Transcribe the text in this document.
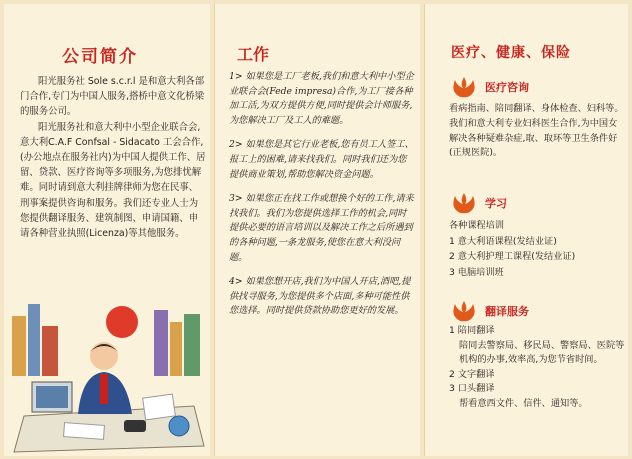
公司简介

阳光服务社 Sole s.c.r.l 是和意大利各部门合作,专门为中国人服务,搭桥中意文化桥梁的服务公司。

阳光服务社和意大利中小型企业联合会,意大利C.A.F Confsal - Sidacato 工会合作,(办公地点在服务社内)为中国人提供工作、居留、贷款、医疗咨询等多项服务,为您排忧解难。同时请到意大利挂牌律师为您在民事、刑事案提供咨询和服务。我们还专业人士为您提供翻译服务、建筑制图、申请国籍、申请各种营业执照(Licenza)等其他服务。

工作

1> 如果您是工厂老板,我们和意大利中小型企业联合会(Fede impresa)合作,为工厂接各种加工活,为双方提供方便,同时提供会计师服务,为您解决工厂及工人的难题。

2> 如果您是其它行业老板,您有员工人签工、报工上的困难,请来找我们。同时我们还为您提供商业策划,帮助您解决资金问题。

3> 如果您正在找工作或想换个好的工作,请来找我们。我们为您提供选择工作的机会,同时提供必要的语言培训以及解决工作之后所遇到的各种问题,一条龙服务,使您在意大利没问题。

4> 如果您想开店,我们为中国人开店,酒吧,提供找寻服务,为您提供多个店面,多种可能性供您选择。同时提供贷款协助您更好的发展。

医疗、健康、保险
医疗咨询
看病指南、陪同翻译、身体检查、妇科等。我们和意大利专业妇科医生合作,为中国女解决各种疑难杂症,取、取环等卫生条件好(正规医院)。
学习
各种课程培训
1 意大利语课程(发结业证)
2 意大利护理工课程(发结业证)
3 电脑培训班
翻译服务
1 陪同翻译
陪同去警察局、移民局、警察局、医院等机构的办事,效率高,为您节省时间。
2 文字翻译
3 口头翻译
帮看意西文件、信件、通知等。
